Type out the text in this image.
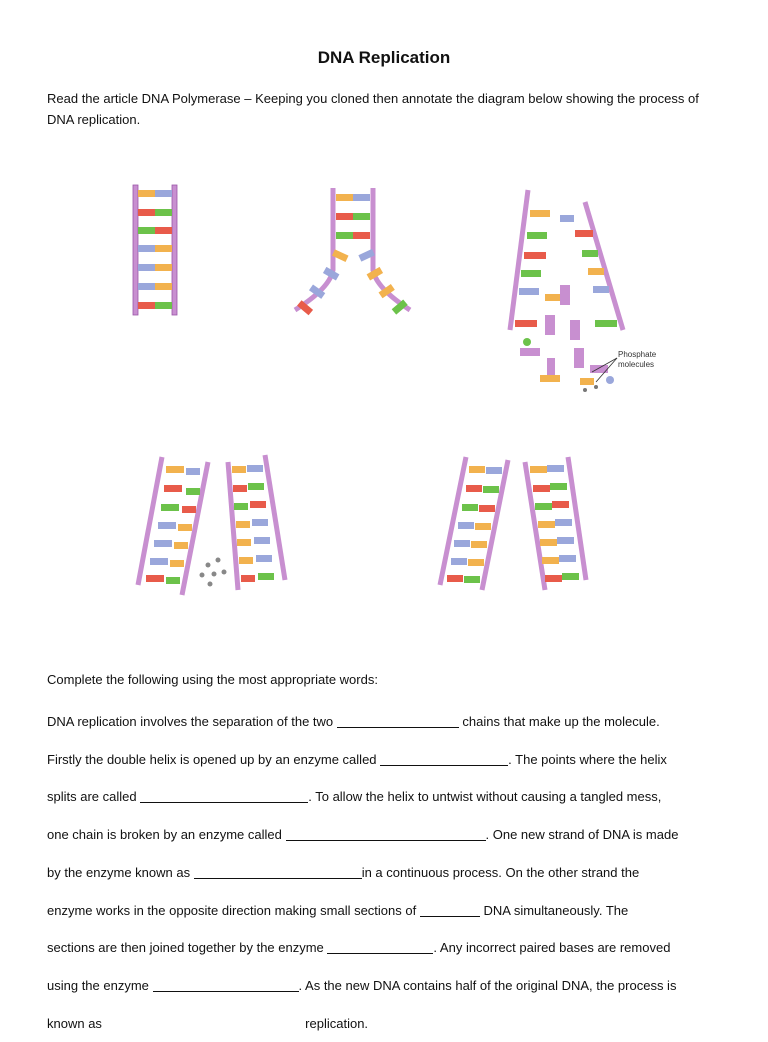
DNA Replication
Read the article DNA Polymerase – Keeping you cloned then annotate the diagram below showing the process of DNA replication.
Phosphate molecules
Complete the following using the most appropriate words:

DNA replication involves the separation of the two	chains that make up the molecule.

Firstly the double helix is opened up by an enzyme called	. The points where the helix

splits are called	. To allow the helix to untwist without causing a tangled mess,

one chain is broken by an enzyme called	. One new strand of DNA is made

by the enzyme known as	in a continuous process. On the other strand the

enzyme works in the opposite direction making small sections of	DNA simultaneously. The

sections are then joined together by the enzyme	. Any incorrect paired bases are removed

using the enzyme	. As the new DNA contains half of the original DNA, the process is

known as	replication.
